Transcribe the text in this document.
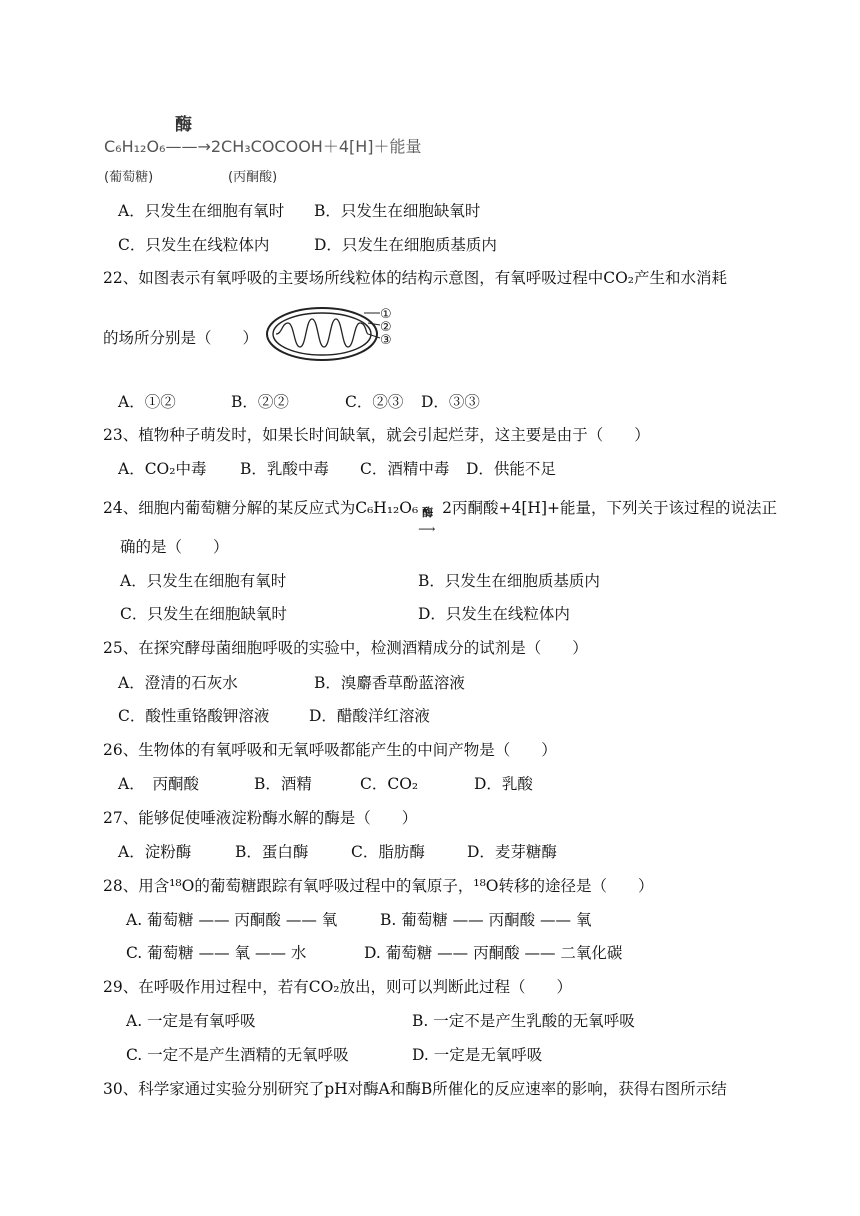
酶
C₆H₁₂O₆——→2CH₃COCOOH＋4[H]＋能量
(葡萄糖)	(丙酮酸)
A．只发生在细胞有氧时 B．只发生在细胞缺氧时
C．只发生在线粒体内	D．只发生在细胞质基质内
22、如图表示有氧呼吸的主要场所线粒体的结构示意图，有氧呼吸过程中CO₂产生和水消耗
的场所分别是（　　）
①
②
③
A．①②	B．②②	C．②③ D．③③
23、植物种子萌发时，如果长时间缺氧，就会引起烂芽，这主要是由于（　　）
A．CO₂中毒 B．乳酸中毒 C．酒精中毒 D．供能不足
24、细胞内葡萄糖分解的某反应式为C₆H₁₂O₆ 酶
⟶
2丙酮酸+4[H]+能量，下列关于该过程的说法正
确的是（　　）
A．只发生在细胞有氧时	B．只发生在细胞质基质内
C．只发生在细胞缺氧时	D．只发生在线粒体内
25、在探究酵母菌细胞呼吸的实验中，检测酒精成分的试剂是（　　）
A．澄清的石灰水	B．溴麝香草酚蓝溶液
C．酸性重铬酸钾溶液	D．醋酸洋红溶液
26、生物体的有氧呼吸和无氧呼吸都能产生的中间产物是（　　）
A．　丙酮酸	B．酒精	C．CO₂	D．乳酸
27、能够促使唾液淀粉酶水解的酶是（　　）
A．淀粉酶	B．蛋白酶	C．脂肪酶	D．麦芽糖酶
28、用含¹⁸O的葡萄糖跟踪有氧呼吸过程中的氧原子，¹⁸O转移的途径是（　　）
A. 葡萄糖 —— 丙酮酸 —— 氧	B. 葡萄糖 —— 丙酮酸 —— 氧
C. 葡萄糖 —— 氧 —— 水	D. 葡萄糖 —— 丙酮酸 —— 二氧化碳
29、在呼吸作用过程中，若有CO₂放出，则可以判断此过程（　　）
A. 一定是有氧呼吸	B. 一定不是产生乳酸的无氧呼吸
C. 一定不是产生酒精的无氧呼吸	D. 一定是无氧呼吸
30、科学家通过实验分别研究了pH对酶A和酶B所催化的反应速率的影响，获得右图所示结
